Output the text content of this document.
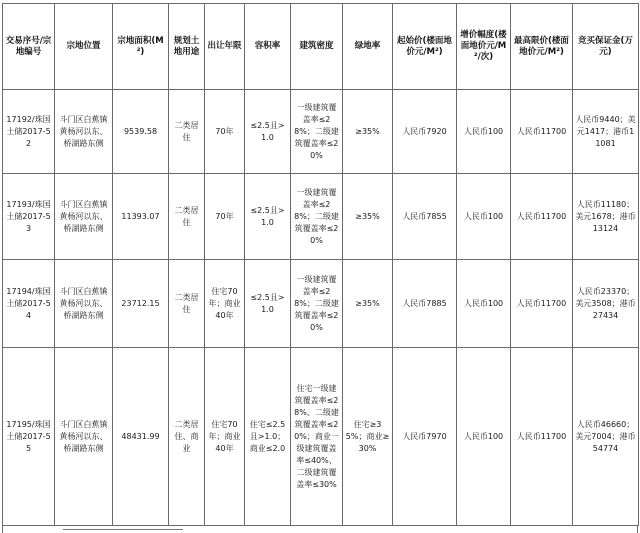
交易序号/宗地编号	宗地位置	宗地面积(M²)	规划土地用途	出让年限	容积率	建筑密度	绿地率	起始价(楼面地价元/M²)	增价幅度(楼面地价元/M²/次)	最高限价(楼面地价元/M²)	竞买保证金(万元)
17192/珠国土储2017-52	斗门区白蕉镇黄杨河以东、桥湖路东侧	9539.58	二类居住	70年	≤2.5且>1.0	一级建筑覆盖率≤28%；二级建筑覆盖率≤20%	≥35%	人民币7920	人民币100	人民币11700	人民币9440；美元1417；港币11081
17193/珠国土储2017-53	斗门区白蕉镇黄杨河以东、桥湖路东侧	11393.07	二类居住	70年	≤2.5且>1.0	一级建筑覆盖率≤28%；二级建筑覆盖率≤20%	≥35%	人民币7855	人民币100	人民币11700	人民币11180；美元1678；港币13124
17194/珠国土储2017-54	斗门区白蕉镇黄杨河以东、桥湖路东侧	23712.15	二类居住	住宅70年；商业40年	≤2.5且>1.0	一级建筑覆盖率≤28%；二级建筑覆盖率≤20%	≥35%	人民币7885	人民币100	人民币11700	人民币23370；美元3508；港币27434
17195/珠国土储2017-55	斗门区白蕉镇黄杨河以东、桥湖路东侧	48431.99	二类居住、商业	住宅70年；商业40年	住宅≤2.5且>1.0；商业≤2.0	住宅一级建筑覆盖率≤28%、二级建筑覆盖率≤20%；商业一级建筑覆盖率≤40%、二级建筑覆盖率≤30%	住宅≥35%；商业≥30%	人民币7970	人民币100	人民币11700	人民币46660；美元7004；港币54774
